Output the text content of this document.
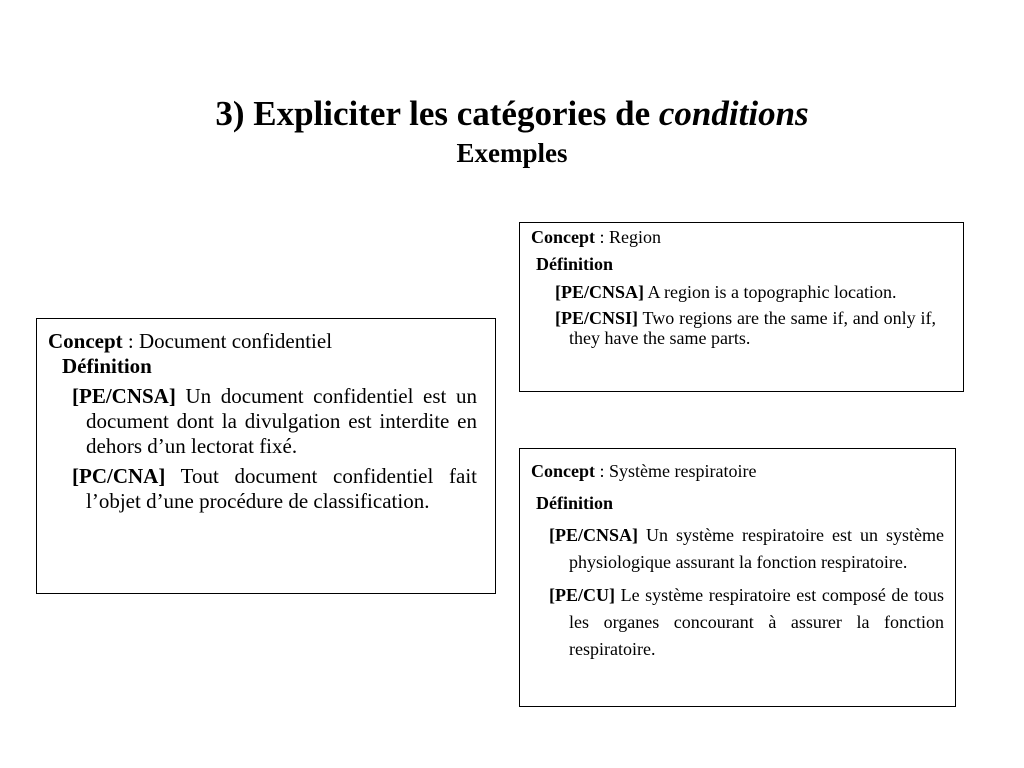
3) Expliciter les catégories de conditions
Exemples

Concept : Document confidentiel

Définition

[PE/CNSA] Un document confidentiel est un document dont la divulgation est interdite en dehors d’un lectorat fixé.

[PC/CNA] Tout document confidentiel fait l’objet d’une procédure de classification.

Concept : Region

Définition

[PE/CNSA] A region is a topographic location.

[PE/CNSI] Two regions are the same if, and only if, they have the same parts.

Concept : Système respiratoire

Définition

[PE/CNSA] Un système respiratoire est un système physiologique assurant la fonction respiratoire.

[PE/CU] Le système respiratoire est composé de tous les organes concourant à assurer la fonction respiratoire.
